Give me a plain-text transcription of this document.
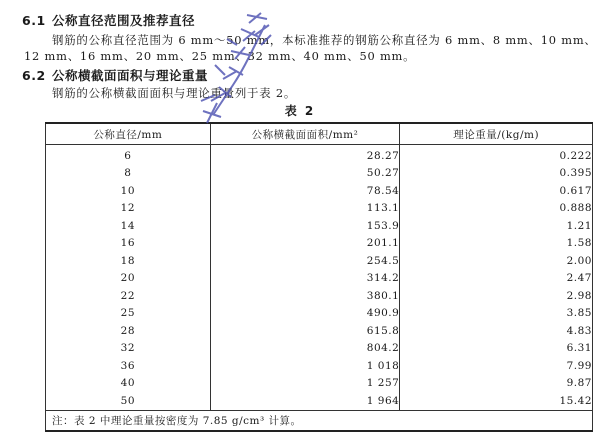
6.1 公称直径范围及推荐直径
钢筋的公称直径范围为 6 mm～50 mm，本标准推荐的钢筋公称直径为 6 mm、8 mm、10 mm、
12 mm、16 mm、20 mm、25 mm、32 mm、40 mm、50 mm。
6.2 公称横截面面积与理论重量
钢筋的公称横截面面积与理论重量列于表 2。
表 2
公称直径/mm	公称横截面面积/mm²	理论重量/(kg/m)
6	28.27	0.222
8	50.27	0.395
10	78.54	0.617
12	113.1	0.888
14	153.9	1.21
16	201.1	1.58
18	254.5	2.00
20	314.2	2.47
22	380.1	2.98
25	490.9	3.85
28	615.8	4.83
32	804.2	6.31
36	1 018	7.99
40	1 257	9.87
50	1 964	15.42
注：表 2 中理论重量按密度为 7.85 g/cm³ 计算。		
